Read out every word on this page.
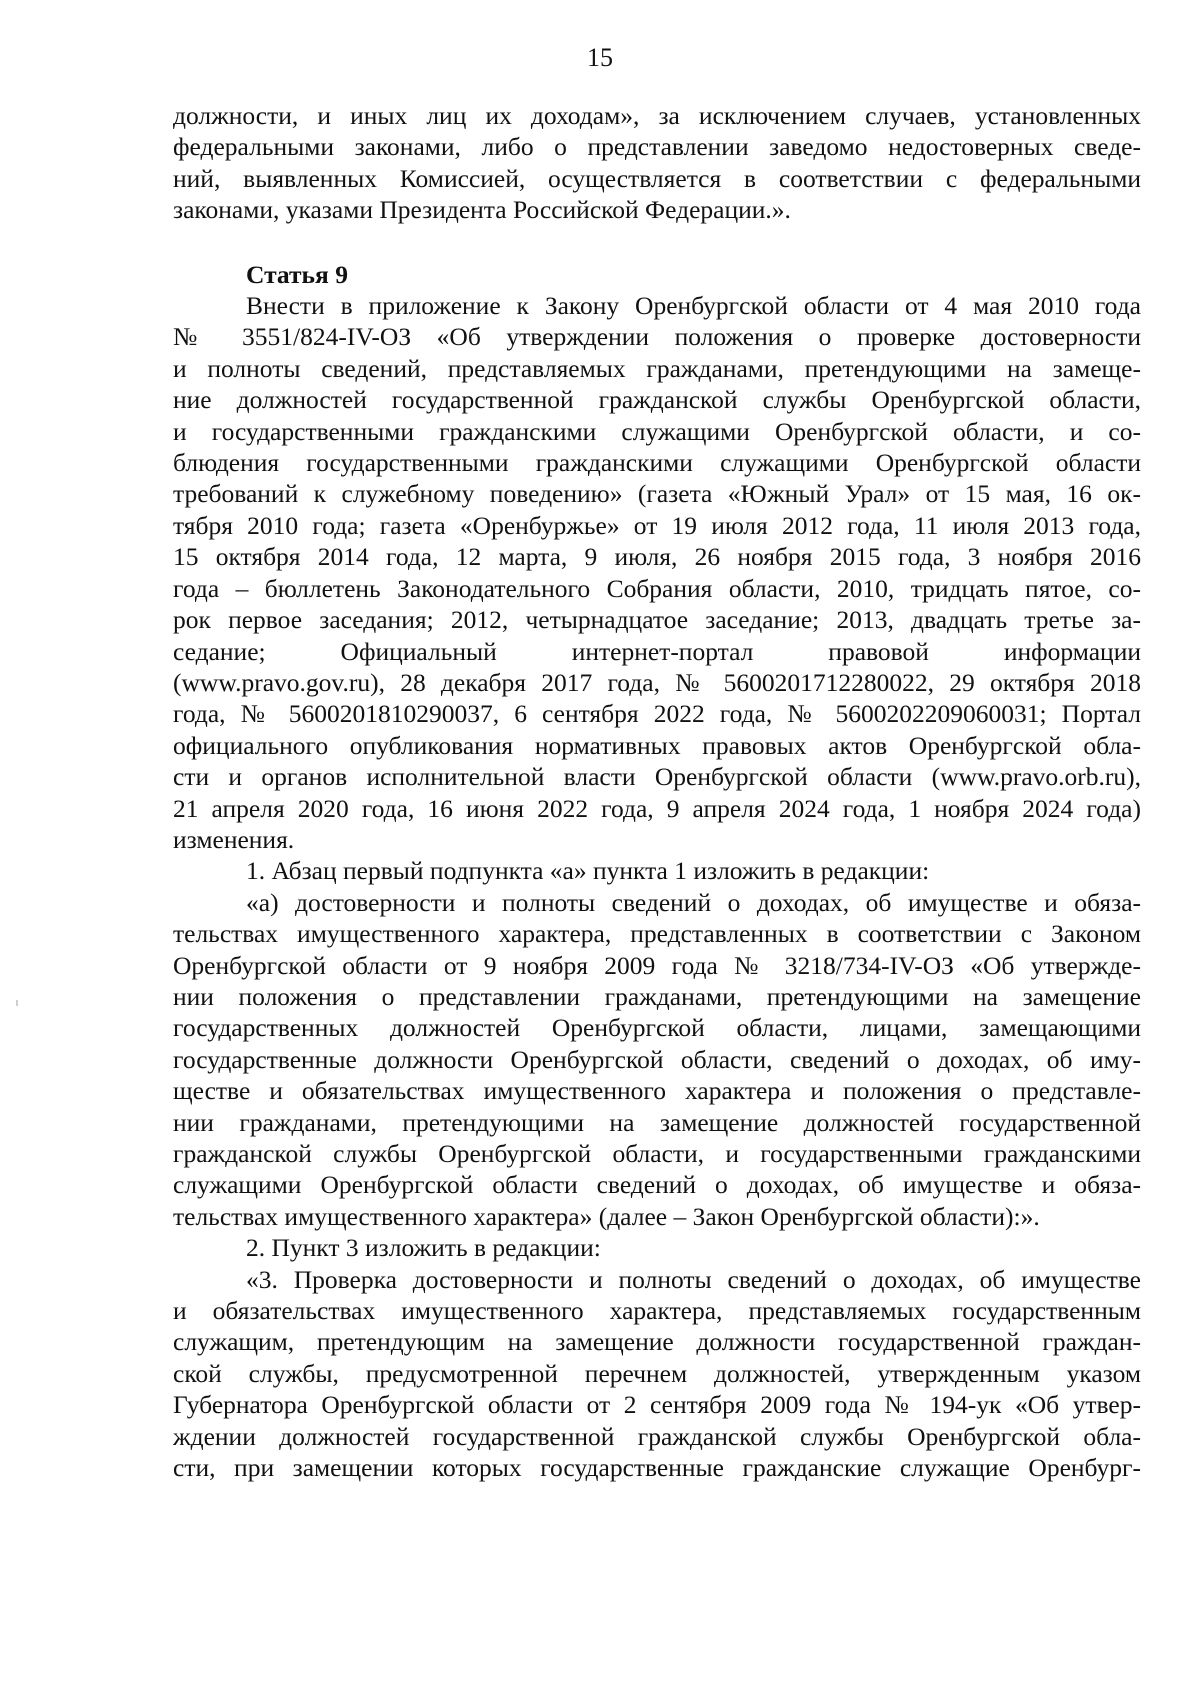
15

должности, и иных лиц их доходам», за исключением случаев, установленных
федеральными законами, либо о представлении заведомо недостоверных сведе-
ний, выявленных Комиссией, осуществляется в соответствии с федеральными
законами, указами Президента Российской Федерации.».

Статья 9

Внести в приложение к Закону Оренбургской области от 4 мая 2010 года
№ 3551/824-IV-ОЗ «Об утверждении положения о проверке достоверности
и полноты сведений, представляемых гражданами, претендующими на замеще-
ние должностей государственной гражданской службы Оренбургской области,
и государственными гражданскими служащими Оренбургской области, и со-
блюдения государственными гражданскими служащими Оренбургской области
требований к служебному поведению» (газета «Южный Урал» от 15 мая, 16 ок-
тября 2010 года; газета «Оренбуржье» от 19 июля 2012 года, 11 июля 2013 года,
15 октября 2014 года, 12 марта, 9 июля, 26 ноября 2015 года, 3 ноября 2016
года – бюллетень Законодательного Собрания области, 2010, тридцать пятое, со-
рок первое заседания; 2012, четырнадцатое заседание; 2013, двадцать третье за-
седание; Официальный интернет-портал правовой информации
(www.pravo.gov.ru), 28 декабря 2017 года, № 5600201712280022, 29 октября 2018
года, № 5600201810290037, 6 сентября 2022 года, № 5600202209060031; Портал
официального опубликования нормативных правовых актов Оренбургской обла-
сти и органов исполнительной власти Оренбургской области (www.pravo.orb.ru),
21 апреля 2020 года, 16 июня 2022 года, 9 апреля 2024 года, 1 ноября 2024 года)
изменения.

1. Абзац первый подпункта «а» пункта 1 изложить в редакции:

«а) достоверности и полноты сведений о доходах, об имуществе и обяза-
тельствах имущественного характера, представленных в соответствии с Законом
Оренбургской области от 9 ноября 2009 года № 3218/734-IV-ОЗ «Об утвержде-
нии положения о представлении гражданами, претендующими на замещение
государственных должностей Оренбургской области, лицами, замещающими
государственные должности Оренбургской области, сведений о доходах, об иму-
ществе и обязательствах имущественного характера и положения о представле-
нии гражданами, претендующими на замещение должностей государственной
гражданской службы Оренбургской области, и государственными гражданскими
служащими Оренбургской области сведений о доходах, об имуществе и обяза-
тельствах имущественного характера» (далее – Закон Оренбургской области):».

2. Пункт 3 изложить в редакции:

«3. Проверка достоверности и полноты сведений о доходах, об имуществе
и обязательствах имущественного характера, представляемых государственным
служащим, претендующим на замещение должности государственной граждан-
ской службы, предусмотренной перечнем должностей, утвержденным указом
Губернатора Оренбургской области от 2 сентября 2009 года № 194-ук «Об утвер-
ждении должностей государственной гражданской службы Оренбургской обла-
сти, при замещении которых государственные гражданские служащие Оренбург-
